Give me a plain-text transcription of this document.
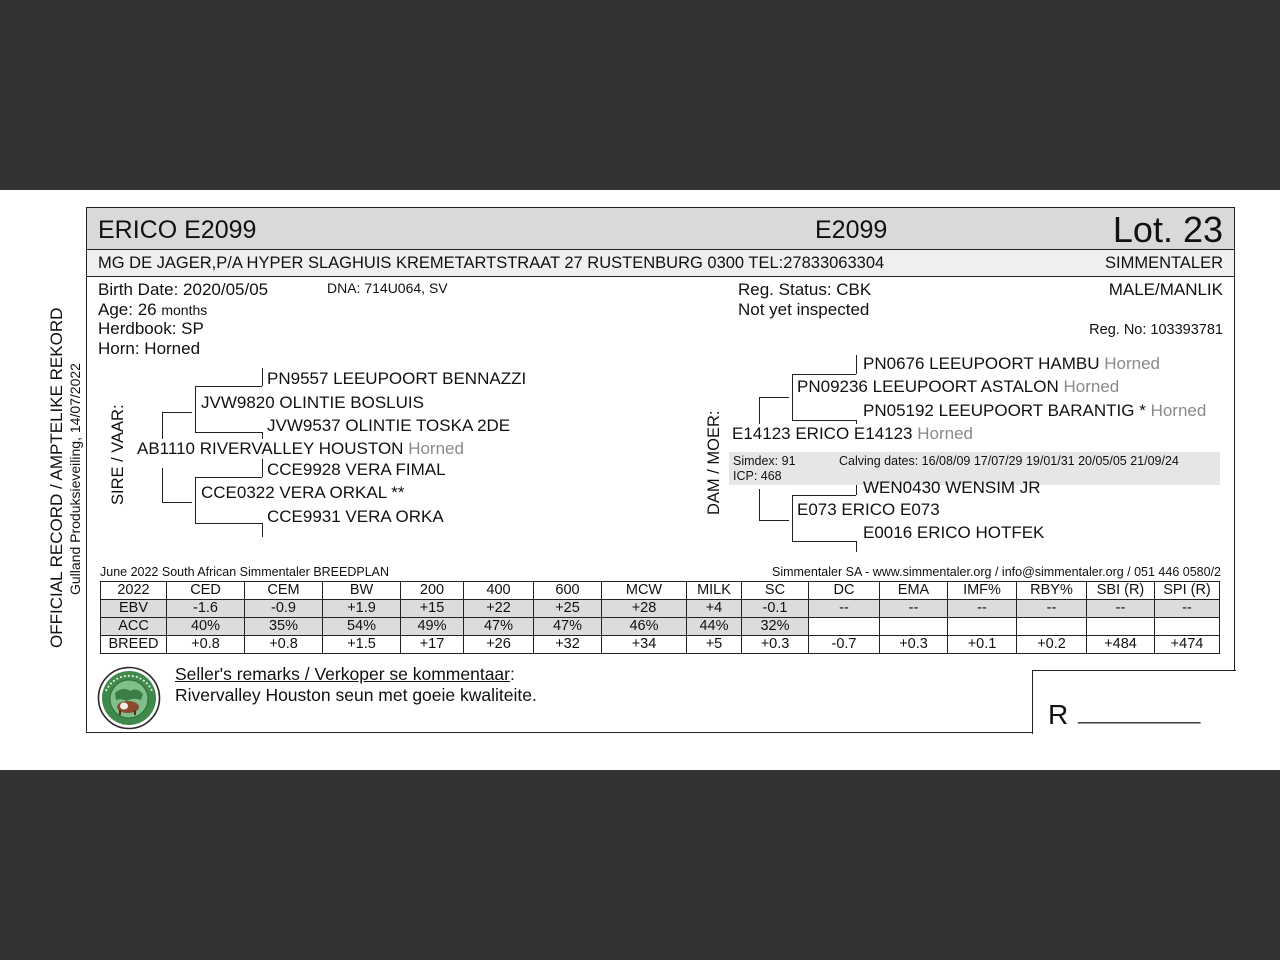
OFFICIAL RECORD / AMPTELIKE REKORD Gulland Produksieveiling, 14/07/2022
ERICO E2099	E2099	Lot. 23
MG DE JAGER,P/A HYPER SLAGHUIS KREMETARTSTRAAT 27 RUSTENBURG 0300 TEL:27833063304	SIMMENTALER
Birth Date: 2020/05/05	DNA: 714U064, SV
Age: 26 months
Herdbook: SP
Horn: Horned
Reg. Status: CBK
Not yet inspected
MALE/MANLIK
Reg. No: 103393781
SIRE / VAAR:
PN9557 LEEUPOORT BENNAZZI
JVW9820 OLINTIE BOSLUIS
JVW9537 OLINTIE TOSKA 2DE
AB1110 RIVERVALLEY HOUSTON Horned
CCE9928 VERA FIMAL
CCE0322 VERA ORKAL **
CCE9931 VERA ORKA
DAM / MOER:
PN0676 LEEUPOORT HAMBU Horned
PN09236 LEEUPOORT ASTALON Horned
PN05192 LEEUPOORT BARANTIG * Horned
E14123 ERICO E14123 Horned
Simdex: 91	Calving dates: 16/08/09 17/07/29 19/01/31 20/05/05 21/09/24
ICP: 468
WEN0430 WENSIM JR
E073 ERICO E073
E0016 ERICO HOTFEK
June 2022 South African Simmentaler BREEDPLAN	Simmentaler SA - www.simmentaler.org / info@simmentaler.org / 051 446 0580/2
2022	CED	CEM	BW	200	400	600	MCW	MILK	SC	DC	EMA	IMF%	RBY%	SBI (R)	SPI (R)
EBV	-1.6	-0.9	+1.9	+15	+22	+25	+28	+4	-0.1	--	--	--	--	--	--
ACC	40%	35%	54%	49%	47%	47%	46%	44%	32%						
BREED	+0.8	+0.8	+1.5	+17	+26	+32	+34	+5	+0.3	-0.7	+0.3	+0.1	+0.2	+484	+474
Seller's remarks / Verkoper se kommentaar:
Rivervalley Houston seun met goeie kwaliteite.
R __________
